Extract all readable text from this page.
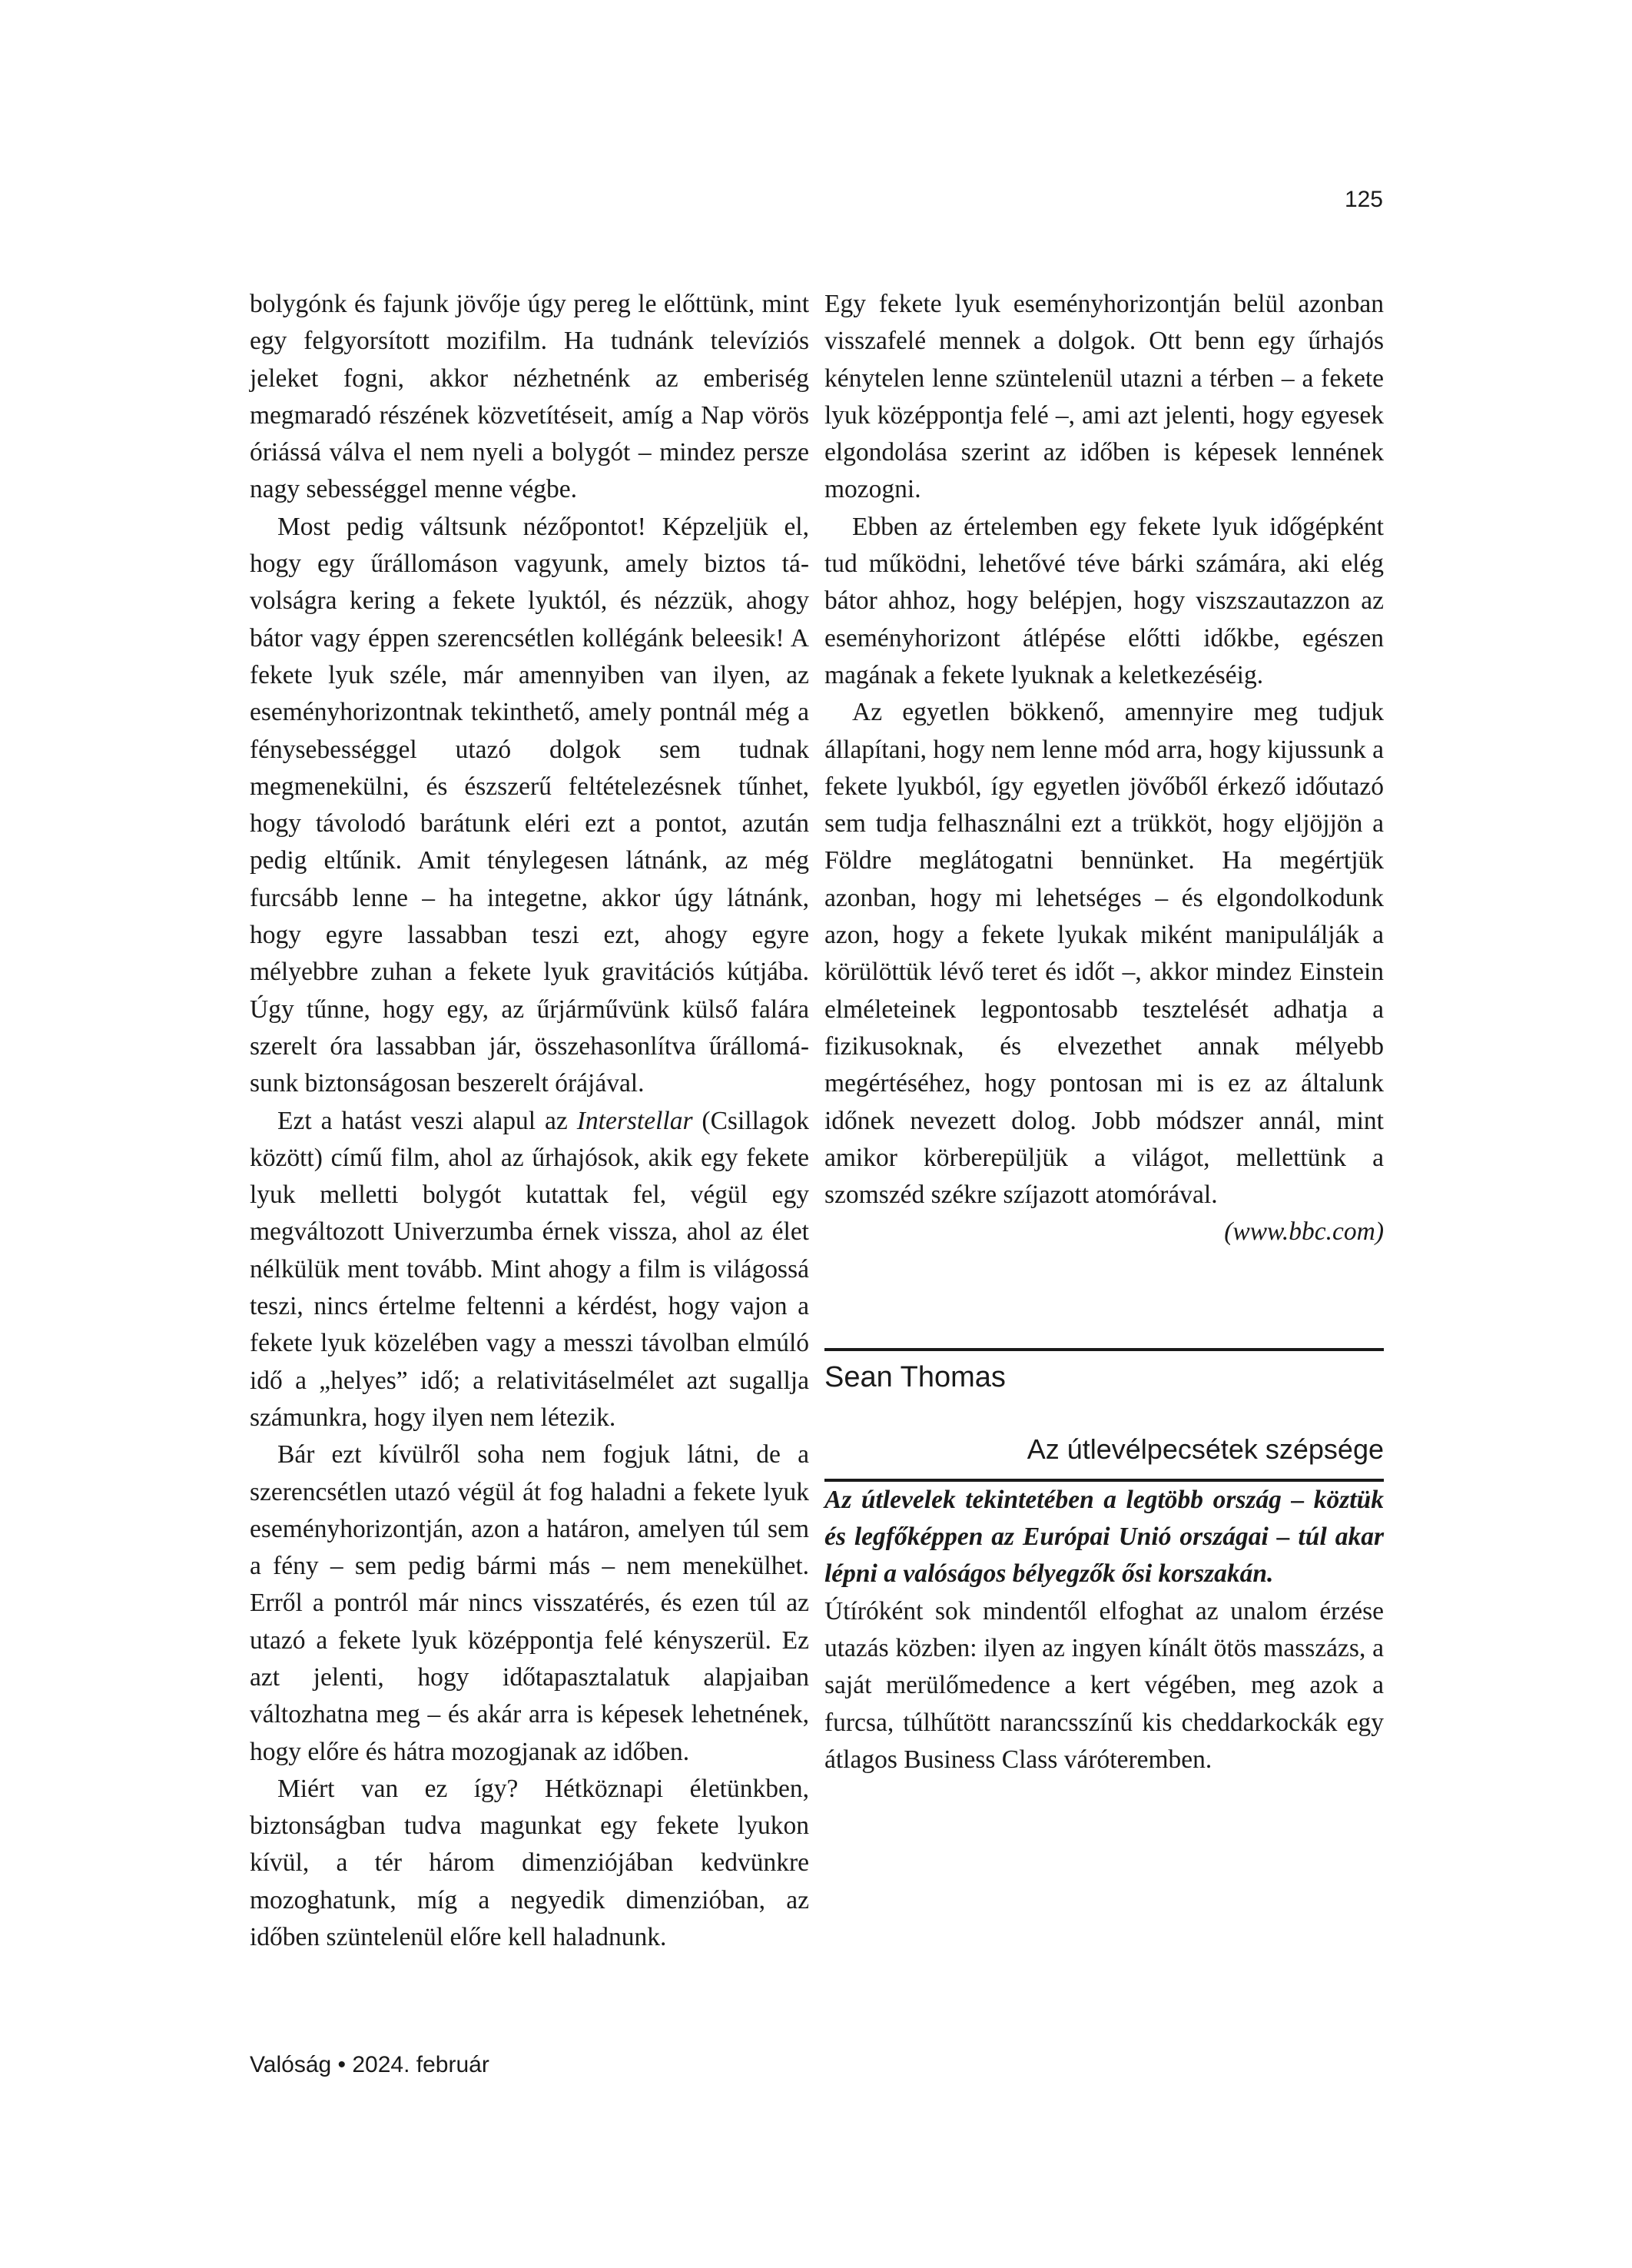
125

bolygónk és fajunk jövője úgy pereg le előttünk, mint egy felgyorsított mozifilm. Ha tudnánk televíziós jeleket fogni, akkor nézhetnénk az emberiség megmaradó részének közvetítéseit, amíg a Nap vörös óriássá válva el nem nyeli a bolygót – mindez persze nagy sebességgel menne végbe.

Most pedig váltsunk nézőpontot! Képzeljük el, hogy egy űrállomáson vagyunk, amely biztos távolságra kering a fekete lyuktól, és nézzük, ahogy bátor vagy éppen szerencsétlen kollégánk beleesik! A fekete lyuk széle, már amennyiben van ilyen, az eseményhorizontnak tekinthető, amely pontnál még a fénysebességgel utazó dolgok sem tudnak megmenekülni, és észszerű feltételezésnek tűnhet, hogy távolodó barátunk eléri ezt a pontot, azután pedig eltűnik. Amit ténylegesen látnánk, az még furcsább lenne – ha integetne, akkor úgy látnánk, hogy egyre lassabban teszi ezt, ahogy egyre mélyebbre zuhan a fekete lyuk gravitációs kútjába. Úgy tűnne, hogy egy, az űrjárművünk külső falára szerelt óra lassabban jár, összehasonlítva űrállomásunk biztonságosan beszerelt órájával.

Ezt a hatást veszi alapul az Interstellar (Csillagok között) című film, ahol az űrhajósok, akik egy fekete lyuk melletti bolygót kutattak fel, végül egy megváltozott Univerzumba érnek vissza, ahol az élet nélkülük ment tovább. Mint ahogy a film is világossá teszi, nincs értelme feltenni a kérdést, hogy vajon a fekete lyuk közelében vagy a messzi távolban elmúló idő a „helyes” idő; a relativitáselmélet azt sugallja számunkra, hogy ilyen nem létezik.

Bár ezt kívülről soha nem fogjuk látni, de a szerencsétlen utazó végül át fog haladni a fekete lyuk eseményhorizontján, azon a határon, amelyen túl sem a fény – sem pedig bármi más – nem menekülhet. Erről a pontról már nincs visszatérés, és ezen túl az utazó a fekete lyuk középpontja felé kényszerül. Ez azt jelenti, hogy időtapasztalatuk alapjaiban változhatna meg – és akár arra is képesek lehetnének, hogy előre és hátra mozogjanak az időben.

Miért van ez így? Hétköznapi életünkben, biztonságban tudva magunkat egy fekete lyukon kívül, a tér három dimenziójában kedvünkre mozoghatunk, míg a negyedik dimenzióban, az időben szüntelenül előre kell haladnunk.

Egy fekete lyuk eseményhorizontján belül azonban visszafelé mennek a dolgok. Ott benn egy űrhajós kénytelen lenne szüntelenül utazni a térben – a fekete lyuk középpontja felé –, ami azt jelenti, hogy egyesek elgondolása szerint az időben is képesek lennének mozogni.

Ebben az értelemben egy fekete lyuk időgépként tud működni, lehetővé téve bárki számára, aki elég bátor ahhoz, hogy belépjen, hogy viszszautazzon az eseményhorizont átlépése előtti időkbe, egészen magának a fekete lyuknak a keletkezéséig.

Az egyetlen bökkenő, amennyire meg tudjuk állapítani, hogy nem lenne mód arra, hogy kijussunk a fekete lyukból, így egyetlen jövőből érkező időutazó sem tudja felhasználni ezt a trükköt, hogy eljöjjön a Földre meglátogatni bennünket. Ha megértjük azonban, hogy mi lehetséges – és elgondolkodunk azon, hogy a fekete lyukak miként manipulálják a körülöttük lévő teret és időt –, akkor mindez Einstein elméleteinek legpontosabb tesztelését adhatja a fizikusoknak, és elvezethet annak mélyebb megértéséhez, hogy pontosan mi is ez az általunk időnek nevezett dolog. Jobb módszer annál, mint amikor körberepüljük a világot, mellettünk a szomszéd székre szíjazott atomórával.

(www.bbc.com)
Sean Thomas
Az útlevélpecsétek szépsége

Az útlevelek tekintetében a legtöbb ország – köztük és legfőképpen az Európai Unió országai – túl akar lépni a valóságos bélyegzők ősi korszakán.

Útíróként sok mindentől elfoghat az unalom érzése utazás közben: ilyen az ingyen kínált ötös masszázs, a saját merülőmedence a kert végében, meg azok a furcsa, túlhűtött narancsszínű kis cheddarkockák egy átlagos Business Class váróteremben.

Valóság • 2024. február
